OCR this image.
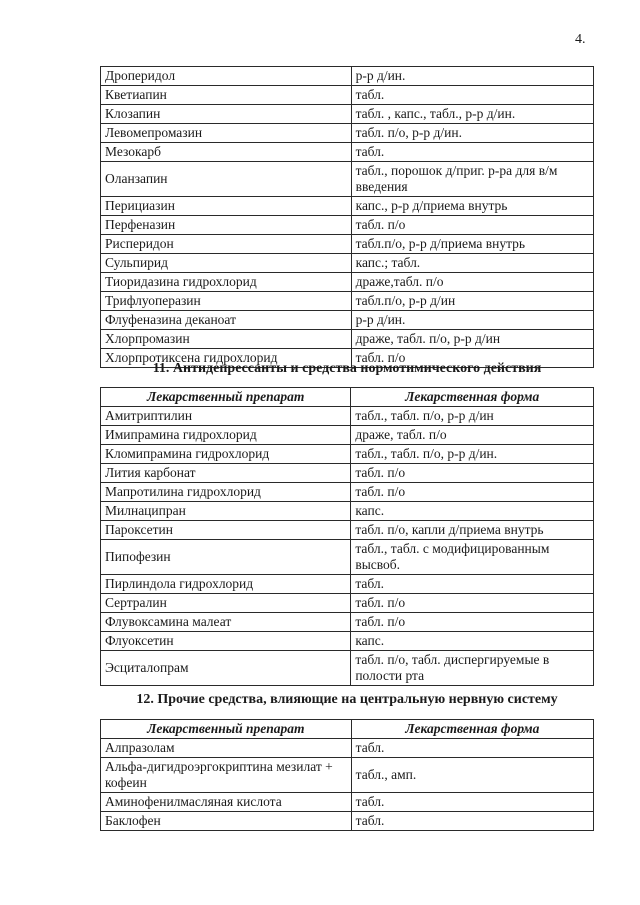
4.
Дроперидол	р-р д/ин.
Кветиапин	табл.
Клозапин	табл. , капс., табл., р-р д/ин.
Левомепромазин	табл. п/о, р-р д/ин.
Мезокарб	табл.
Оланзапин	табл., порошок д/приг. р-ра для в/м введения
Перициазин	капс., р-р д/приема внутрь
Перфеназин	табл. п/о
Рисперидон	табл.п/о, р-р д/приема внутрь
Сульпирид	капс.; табл.
Тиоридазина гидрохлорид	драже,табл. п/о
Трифлуоперазин	табл.п/о, р-р д/ин
Флуфеназина деканоат	р-р д/ин.
Хлорпромазин	драже, табл. п/о, р-р д/ин
Хлорпротиксена гидрохлорид	табл. п/о
11. Антидепрессанты и средства нормотимического действия
Лекарственный препарат	Лекарственная форма
Амитриптилин	табл., табл. п/о, р-р д/ин
Имипрамина гидрохлорид	драже, табл. п/о
Кломипрамина гидрохлорид	табл., табл. п/о, р-р д/ин.
Лития карбонат	табл. п/о
Мапротилина гидрохлорид	табл. п/о
Милнаципран	капс.
Пароксетин	табл. п/о, капли д/приема внутрь
Пипофезин	табл., табл. с модифицированным высвоб.
Пирлиндола гидрохлорид	табл.
Сертралин	табл. п/о
Флувоксамина малеат	табл. п/о
Флуоксетин	капс.
Эсциталопрам	табл. п/о, табл. диспергируемые в полости рта
12. Прочие средства, влияющие на центральную нервную систему
Лекарственный препарат	Лекарственная форма
Алпразолам	табл.
Альфа-дигидроэргокриптина мезилат + кофеин	табл., амп.
Аминофенилмасляная кислота	табл.
Баклофен	табл.
